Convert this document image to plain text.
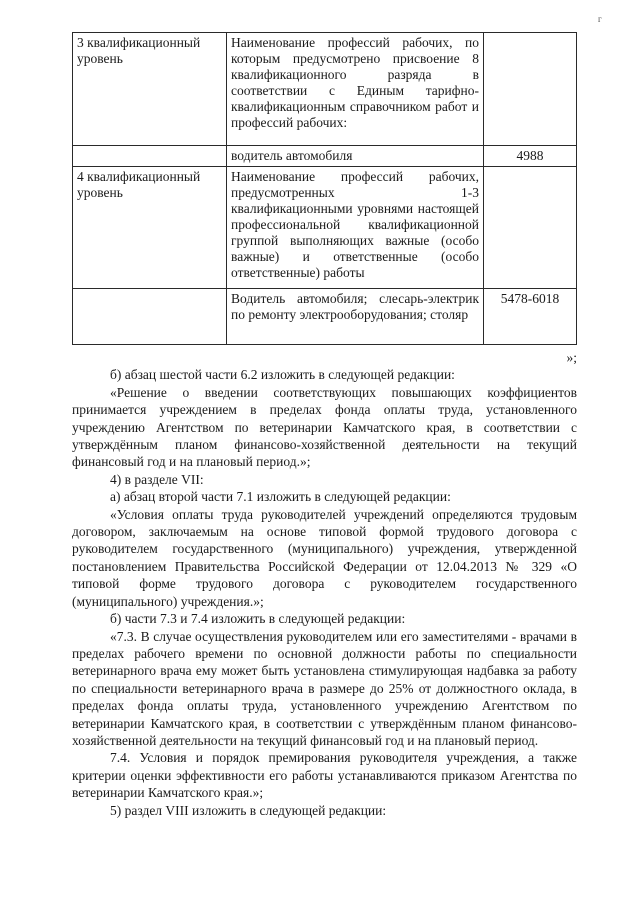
г
3 квалификационный уровень	Наименование профессий рабочих, по которым предусмотрено присвоение 8 квалификационного разряда в соответствии с Единым тарифно-квалификационным справочником работ и профессий рабочих:	
	водитель автомобиля	4988
4 квалификационный уровень	Наименование профессий рабочих, предусмотренных 1-3 квалификационными уровнями настоящей профессиональной квалификационной группой выполняющих важные (особо важные) и ответственные (особо ответственные) работы	
	Водитель автомобиля; слесарь-электрик по ремонту электрооборудования; столяр	5478-6018

»;

б) абзац шестой части 6.2 изложить в следующей редакции:

«Решение о введении соответствующих повышающих коэффициентов принимается учреждением в пределах фонда оплаты труда, установленного учреждению Агентством по ветеринарии Камчатского края, в соответствии с утверждённым планом финансово-хозяйственной деятельности на текущий финансовый год и на плановый период.»;

4) в разделе VII:

а) абзац второй части 7.1 изложить в следующей редакции:

«Условия оплаты труда руководителей учреждений определяются трудовым договором, заключаемым на основе типовой формой трудового договора с руководителем государственного (муниципального) учреждения, утвержденной постановлением Правительства Российской Федерации от 12.04.2013 № 329 «О типовой форме трудового договора с руководителем государственного (муниципального) учреждения.»;

б) части 7.3 и 7.4 изложить в следующей редакции:

«7.3. В случае осуществления руководителем или его заместителями - врачами в пределах рабочего времени по основной должности работы по специальности ветеринарного врача ему может быть установлена стимулирующая надбавка за работу по специальности ветеринарного врача в размере до 25% от должностного оклада, в пределах фонда оплаты труда, установленного учреждению Агентством по ветеринарии Камчатского края, в соответствии с утверждённым планом финансово-хозяйственной деятельности на текущий финансовый год и на плановый период.

7.4. Условия и порядок премирования руководителя учреждения, а также критерии оценки эффективности его работы устанавливаются приказом Агентства по ветеринарии Камчатского края.»;

5) раздел VIII изложить в следующей редакции:
